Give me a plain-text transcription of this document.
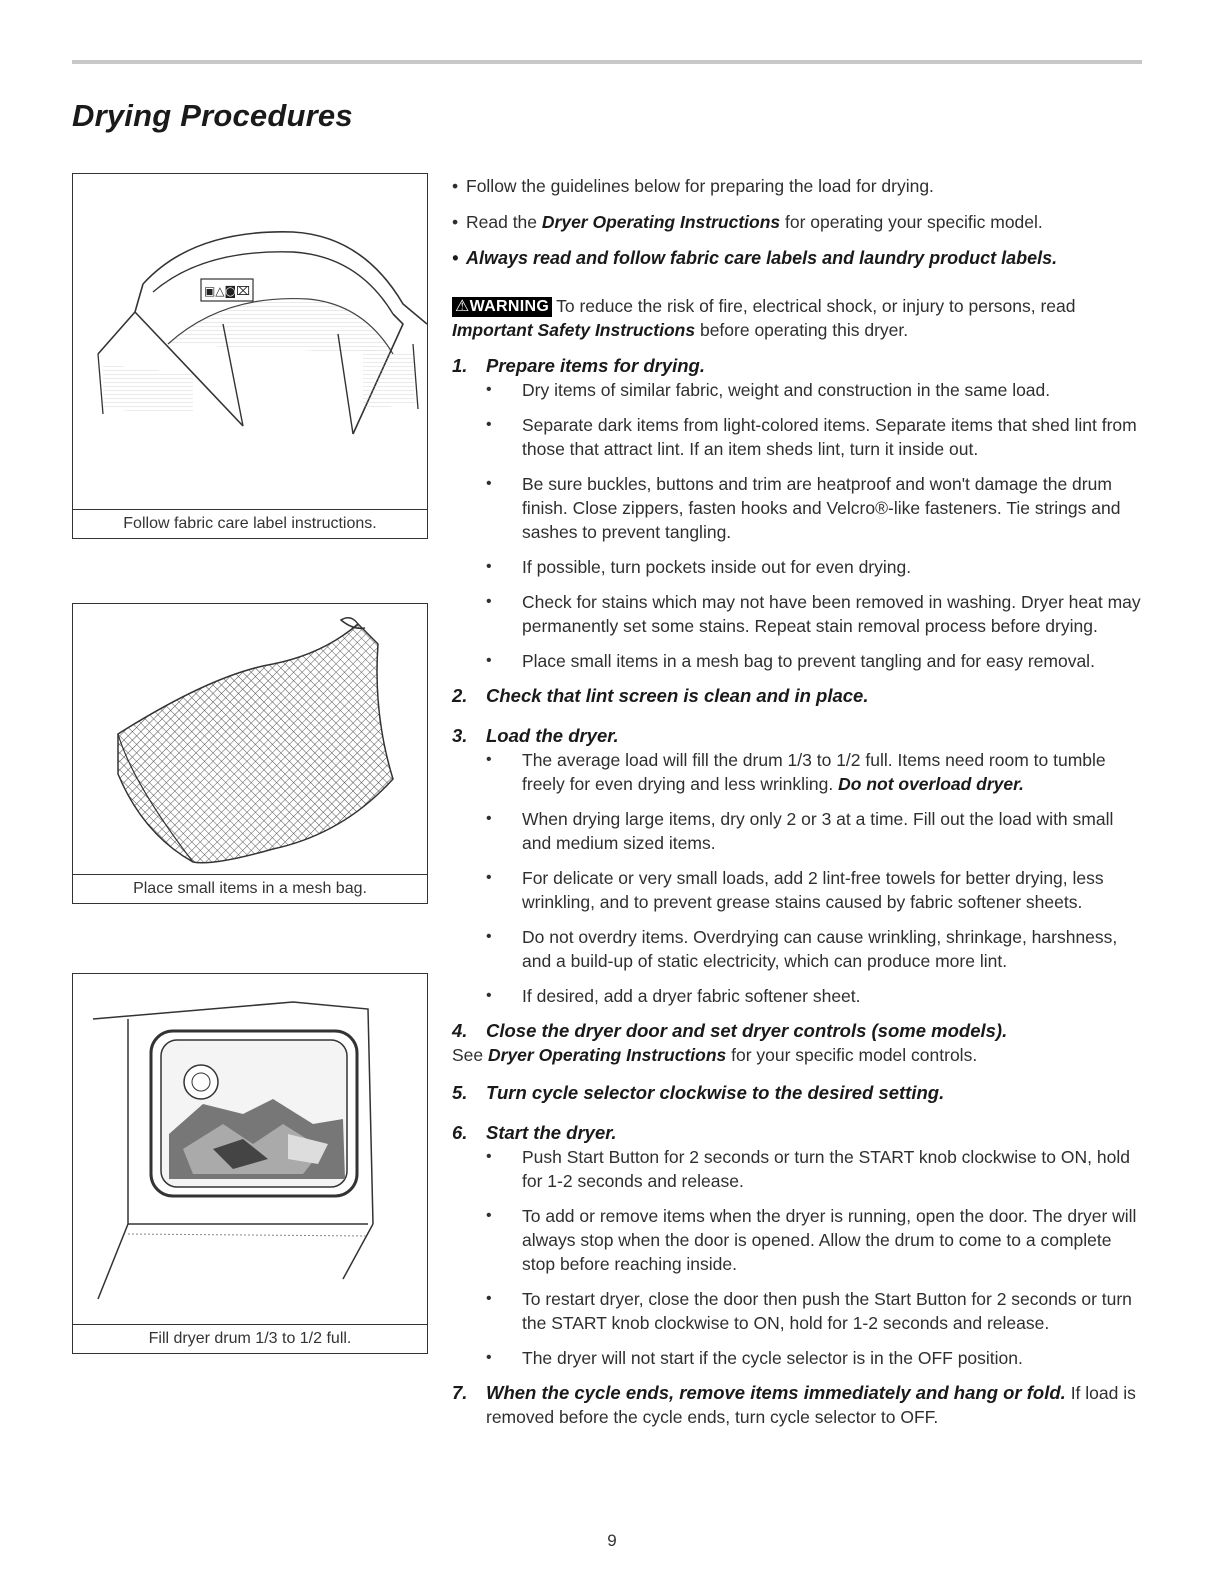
Drying Procedures
▣△◙⌧
Follow fabric care label instructions.
Place small items in a mesh bag.
Fill dryer drum 1/3 to 1/2 full.

• Follow the guidelines below for preparing the load for drying.

• Read the Dryer Operating Instructions for operating your specific model.

• Always read and follow fabric care labels and laundry product labels.

⚠WARNING To reduce the risk of fire, electrical shock, or injury to persons, read Important Safety Instructions before operating this dryer.

1.	Prepare items for drying.
• Dry items of similar fabric, weight and construction in the same load.
• Separate dark items from light-colored items. Separate items that shed lint from those that attract lint. If an item sheds lint, turn it inside out.
• Be sure buckles, buttons and trim are heatproof and won't damage the drum finish. Close zippers, fasten hooks and Velcro®-like fasteners. Tie strings and sashes to prevent tangling.
• If possible, turn pockets inside out for even drying.
• Check for stains which may not have been removed in washing. Dryer heat may permanently set some stains. Repeat stain removal process before drying.
• Place small items in a mesh bag to prevent tangling and for easy removal.
2.	Check that lint screen is clean and in place.
3.	Load the dryer.
• The average load will fill the drum 1/3 to 1/2 full. Items need room to tumble freely for even drying and less wrinkling. Do not overload dryer.
• When drying large items, dry only 2 or 3 at a time. Fill out the load with small and medium sized items.
• For delicate or very small loads, add 2 lint-free towels for better drying, less wrinkling, and to prevent grease stains caused by fabric softener sheets.
• Do not overdry items. Overdrying can cause wrinkling, shrinkage, harshness, and a build-up of static electricity, which can produce more lint.
• If desired, add a dryer fabric softener sheet.
4.	Close the dryer door and set dryer controls (some models).

See Dryer Operating Instructions for your specific model controls.

5.	Turn cycle selector clockwise to the desired setting.
6.	Start the dryer.
• Push Start Button for 2 seconds or turn the START knob clockwise to ON, hold for 1-2 seconds and release.
• To add or remove items when the dryer is running, open the door. The dryer will always stop when the door is opened. Allow the drum to come to a complete stop before reaching inside.
• To restart dryer, close the door then push the Start Button for 2 seconds or turn the START knob clockwise to ON, hold for 1-2 seconds and release.
• The dryer will not start if the cycle selector is in the OFF position.
7.	When the cycle ends, remove items immediately and hang or fold. If load is removed before the cycle ends, turn cycle selector to OFF.

9
